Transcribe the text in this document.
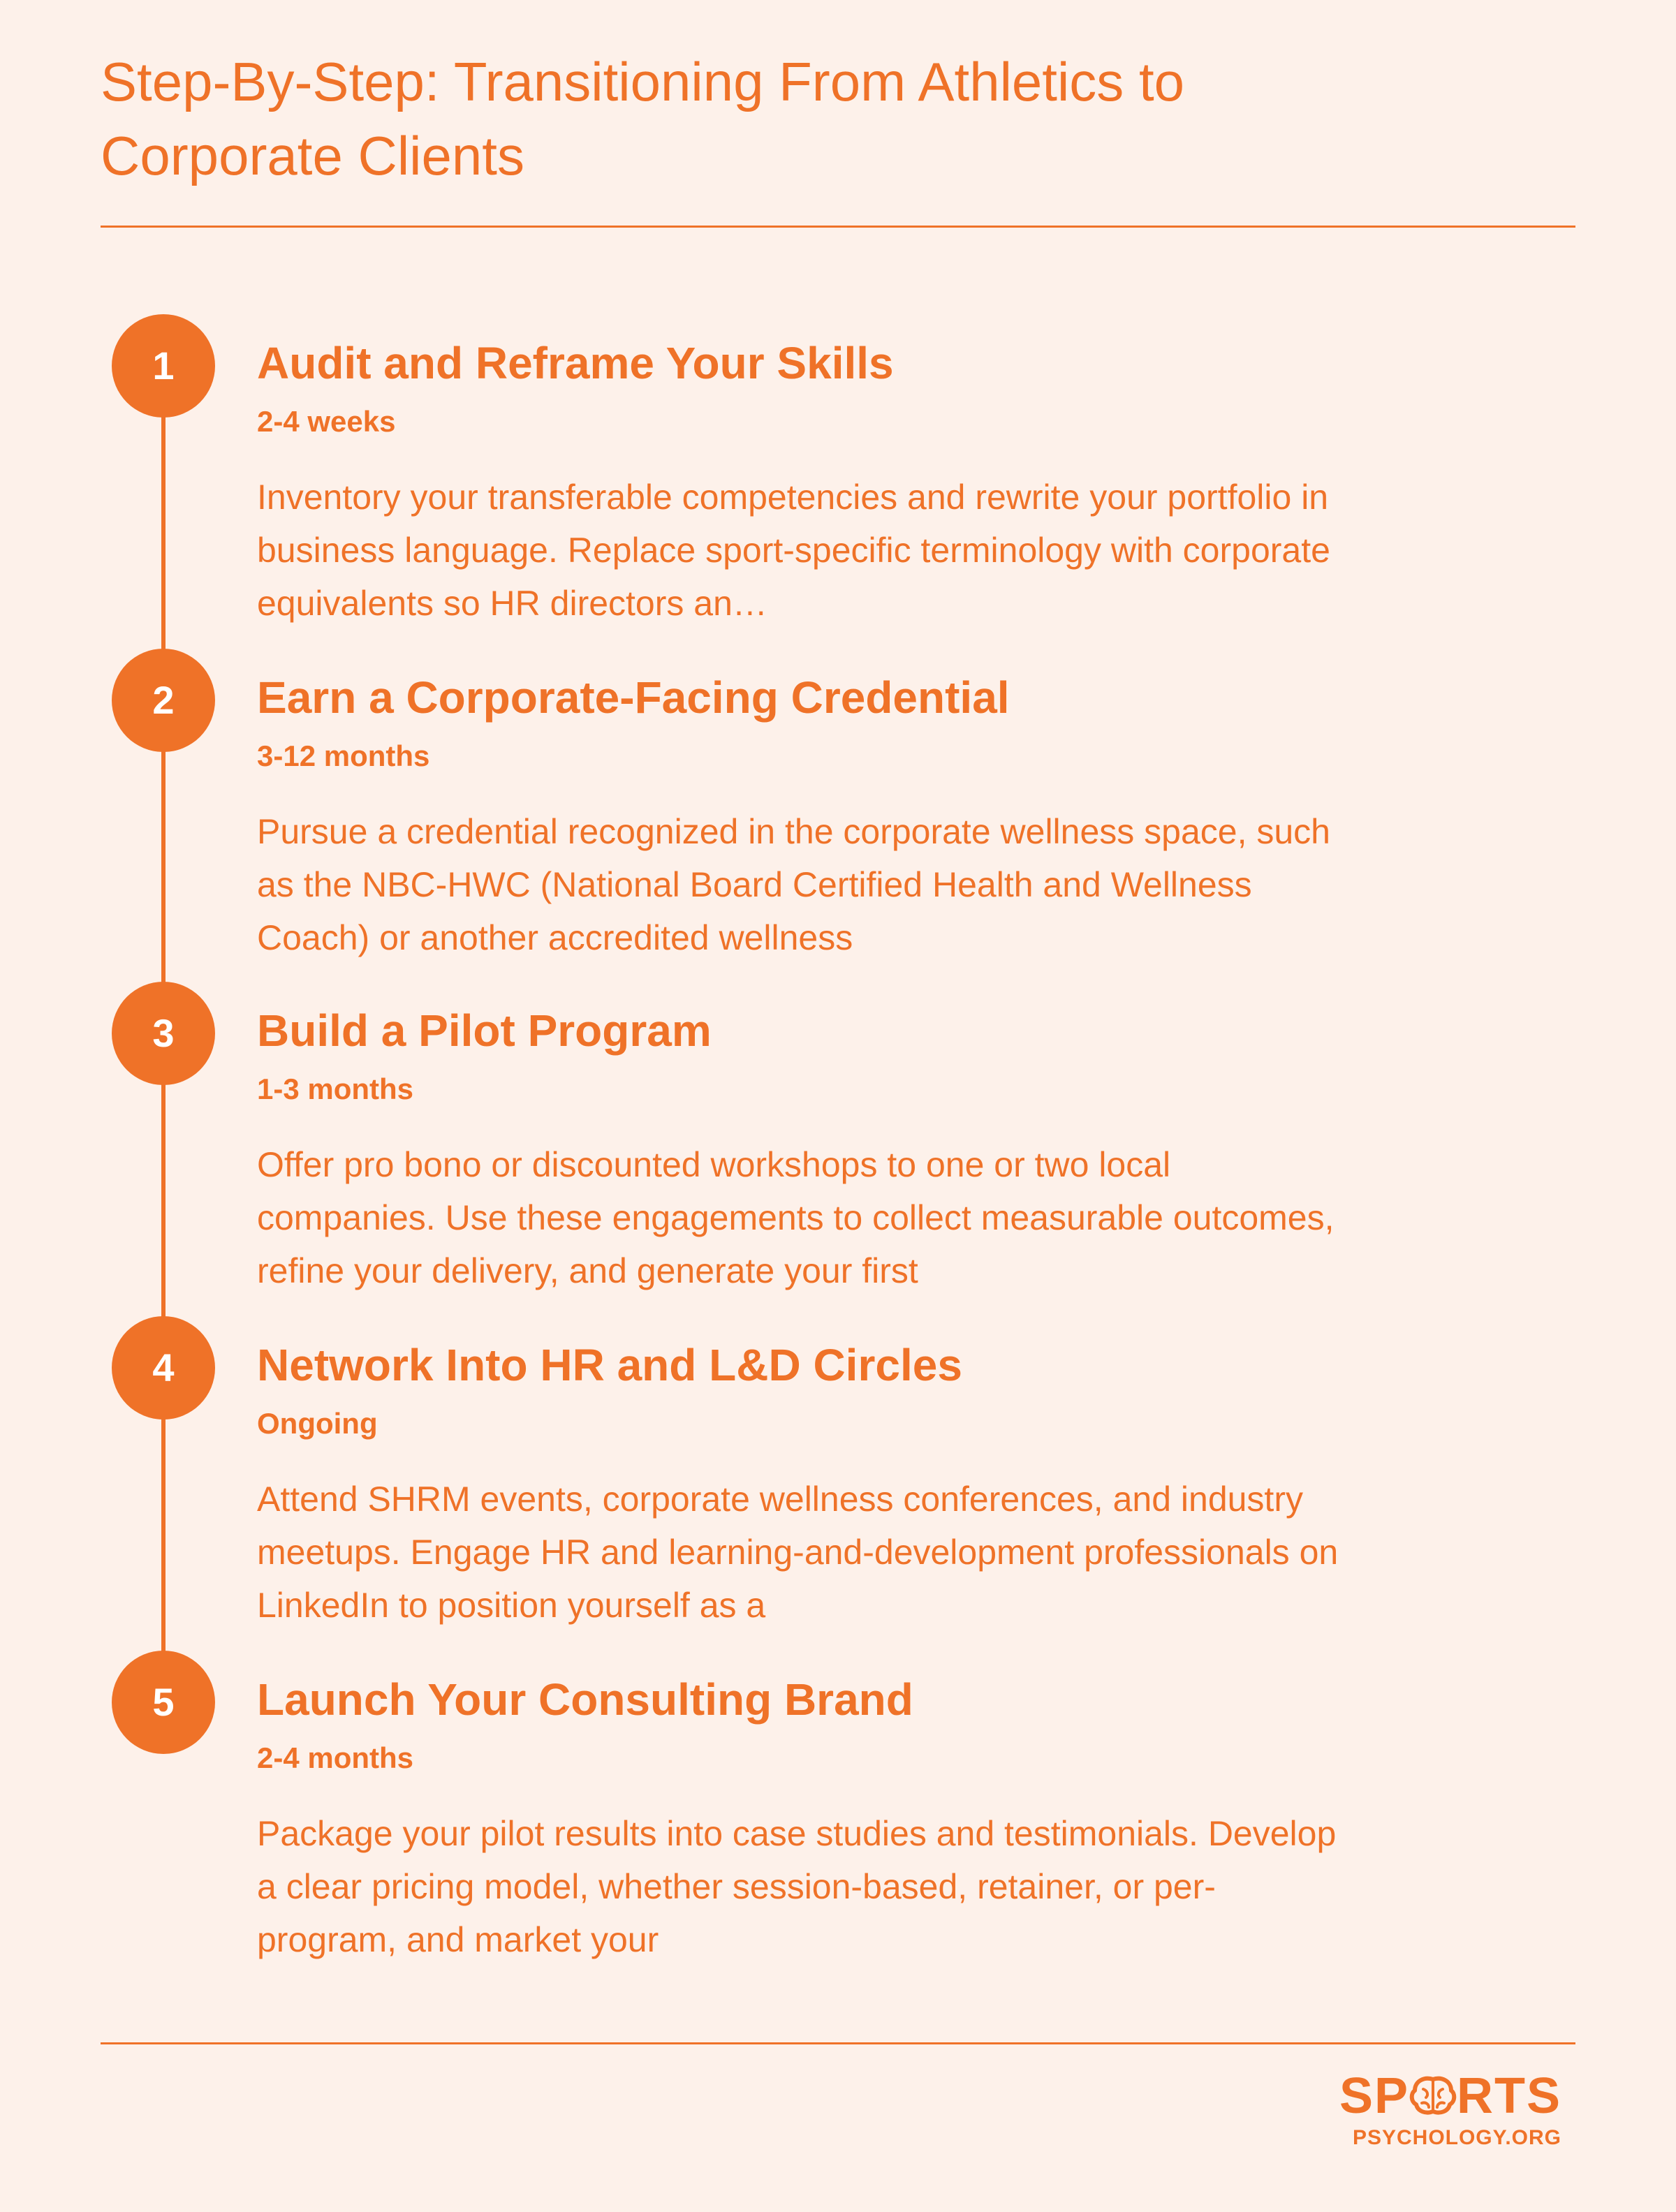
Step-By-Step: Transitioning From Athletics to Corporate Clients
1	Audit and Reframe Your Skills
2-4 weeks
Inventory your transferable competencies and rewrite your portfolio in business language. Replace sport-specific terminology with corporate equivalents so HR directors an…
2	Earn a Corporate-Facing Credential
3-12 months
Pursue a credential recognized in the corporate wellness space, such as the NBC-HWC (National Board Certified Health and Wellness Coach) or another accredited wellness
3	Build a Pilot Program
1-3 months
Offer pro bono or discounted workshops to one or two local companies. Use these engagements to collect measurable outcomes, refine your delivery, and generate your first
4	Network Into HR and L&D Circles
Ongoing
Attend SHRM events, corporate wellness conferences, and industry meetups. Engage HR and learning-and-development professionals on LinkedIn to position yourself as a
5	Launch Your Consulting Brand
2-4 months
Package your pilot results into case studies and testimonials. Develop a clear pricing model, whether session-based, retainer, or per-program, and market your
SP RTS
PSYCHOLOGY.ORG
